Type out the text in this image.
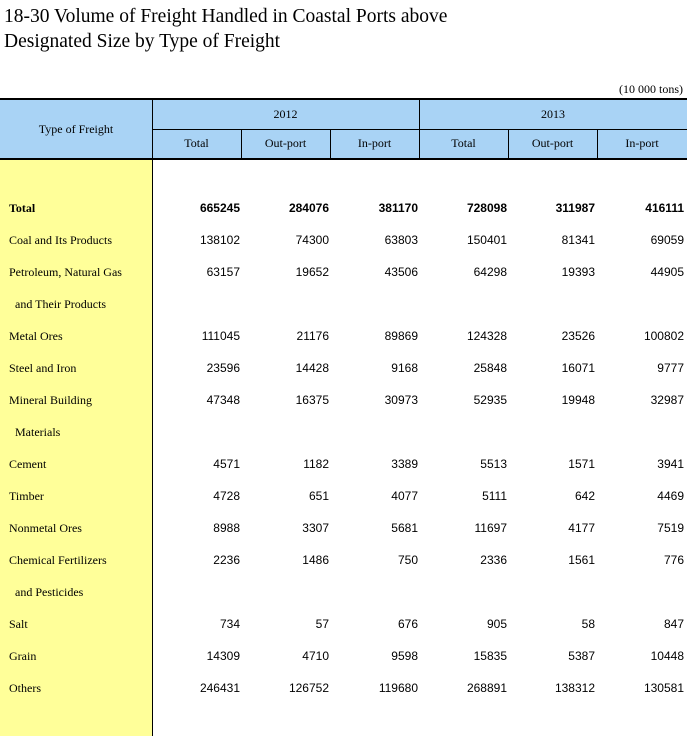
18-30 Volume of Freight Handled in Coastal Ports above
Designated Size by Type of Freight
(10 000 tons)
Type of Freight
2012	2013
Total	Out-port	In-port	Total	Out-port	In-port
Total	665245	284076	381170	728098	311987	416111
Coal and Its Products	138102	74300	63803	150401	81341	69059
Petroleum, Natural Gas	63157	19652	43506	64298	19393	44905
and Their Products
Metal Ores	111045	21176	89869	124328	23526	100802
Steel and Iron	23596	14428	9168	25848	16071	9777
Mineral Building	47348	16375	30973	52935	19948	32987
Materials
Cement	4571	1182	3389	5513	1571	3941
Timber	4728	651	4077	5111	642	4469
Nonmetal Ores	8988	3307	5681	11697	4177	7519
Chemical Fertilizers	2236	1486	750	2336	1561	776
and Pesticides
Salt	734	57	676	905	58	847
Grain	14309	4710	9598	15835	5387	10448
Others	246431	126752	119680	268891	138312	130581
